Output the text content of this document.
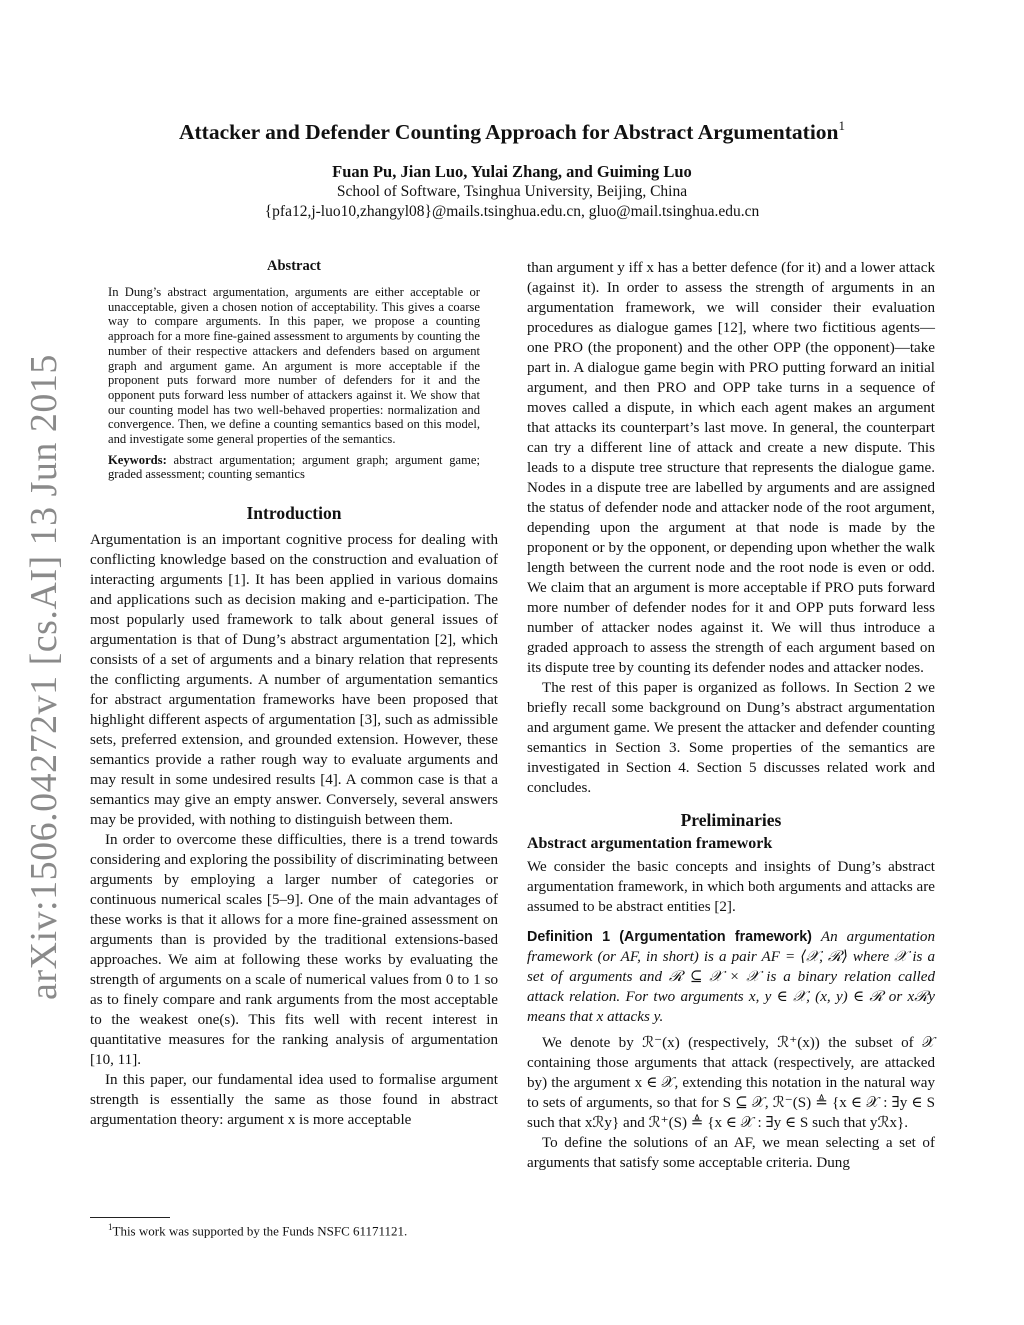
arXiv:1506.04272v1 [cs.AI] 13 Jun 2015
Attacker and Defender Counting Approach for Abstract Argumentation$^1$
Fuan Pu, Jian Luo, Yulai Zhang, and Guiming Luo
School of Software, Tsinghua University, Beijing, China
{pfa12,j-luo10,zhangyl08}@mails.tsinghua.edu.cn, gluo@mail.tsinghua.edu.cn
Abstract
In Dung’s abstract argumentation, arguments are either acceptable or unacceptable, given a chosen notion of acceptability. This gives a coarse way to compare arguments. In this paper, we propose a counting approach for a more fine-gained assessment to arguments by counting the number of their respective attackers and defenders based on argument graph and argument game. An argument is more acceptable if the proponent puts forward more number of defenders for it and the opponent puts forward less number of attackers against it. We show that our counting model has two well-behaved properties: normalization and convergence. Then, we define a counting semantics based on this model, and investigate some general properties of the semantics.
Keywords: abstract argumentation; argument graph; argument game; graded assessment; counting semantics
Introduction

Argumentation is an important cognitive process for dealing with conflicting knowledge based on the construction and evaluation of interacting arguments [1]. It has been applied in various domains and applications such as decision making and e-participation. The most popularly used framework to talk about general issues of argumentation is that of Dung’s abstract argumentation [2], which consists of a set of arguments and a binary relation that represents the conflicting arguments. A number of argumentation semantics for abstract argumentation frameworks have been proposed that highlight different aspects of argumentation [3], such as admissible sets, preferred extension, and grounded extension. However, these semantics provide a rather rough way to evaluate arguments and may result in some undesired results [4]. A common case is that a semantics may give an empty answer. Conversely, several answers may be provided, with nothing to distinguish between them.

In order to overcome these difficulties, there is a trend towards considering and exploring the possibility of discriminating between arguments by employing a larger number of categories or continuous numerical scales [5–9]. One of the main advantages of these works is that it allows for a more fine-grained assessment on arguments than is provided by the traditional extensions-based approaches. We aim at following these works by evaluating the strength of arguments on a scale of numerical values from 0 to 1 so as to finely compare and rank arguments from the most acceptable to the weakest one(s). This fits well with recent interest in quantitative measures for the ranking analysis of argumentation [10, 11].

In this paper, our fundamental idea used to formalise argument strength is essentially the same as those found in abstract argumentation theory: argument x is more acceptable

than argument y iff x has a better defence (for it) and a lower attack (against it). In order to assess the strength of arguments in an argumentation framework, we will consider their evaluation procedures as dialogue games [12], where two fictitious agents—one PRO (the proponent) and the other OPP (the opponent)—take part in. A dialogue game begin with PRO putting forward an initial argument, and then PRO and OPP take turns in a sequence of moves called a dispute, in which each agent makes an argument that attacks its counterpart’s last move. In general, the counterpart can try a different line of attack and create a new dispute. This leads to a dispute tree structure that represents the dialogue game. Nodes in a dispute tree are labelled by arguments and are assigned the status of defender node and attacker node of the root argument, depending upon the argument at that node is made by the proponent or by the opponent, or depending upon whether the walk length between the current node and the root node is even or odd. We claim that an argument is more acceptable if PRO puts forward more number of defender nodes for it and OPP puts forward less number of attacker nodes against it. We will thus introduce a graded approach to assess the strength of each argument based on its dispute tree by counting its defender nodes and attacker nodes.

The rest of this paper is organized as follows. In Section 2 we briefly recall some background on Dung’s abstract argumentation and argument game. We present the attacker and defender counting semantics in Section 3. Some properties of the semantics are investigated in Section 4. Section 5 discusses related work and concludes.

Preliminaries
Abstract argumentation framework

We consider the basic concepts and insights of Dung’s abstract argumentation framework, in which both arguments and attacks are assumed to be abstract entities [2].

Definition 1 (Argumentation framework) An argumentation framework (or AF, in short) is a pair AF = ⟨𝒳, ℛ⟩ where 𝒳 is a set of arguments and ℛ ⊆ 𝒳 × 𝒳 is a binary relation called attack relation. For two arguments x, y ∈ 𝒳, (x, y) ∈ ℛ or xℛy means that x attacks y.

We denote by ℛ⁻(x) (respectively, ℛ⁺(x)) the subset of 𝒳 containing those arguments that attack (respectively, are attacked by) the argument x ∈ 𝒳, extending this notation in the natural way to sets of arguments, so that for S ⊆ 𝒳, ℛ⁻(S) ≜ {x ∈ 𝒳 : ∃y ∈ S such that xℛy} and ℛ⁺(S) ≜ {x ∈ 𝒳 : ∃y ∈ S such that yℛx}.

To define the solutions of an AF, we mean selecting a set of arguments that satisfy some acceptable criteria. Dung

$^1$This work was supported by the Funds NSFC 61171121.
